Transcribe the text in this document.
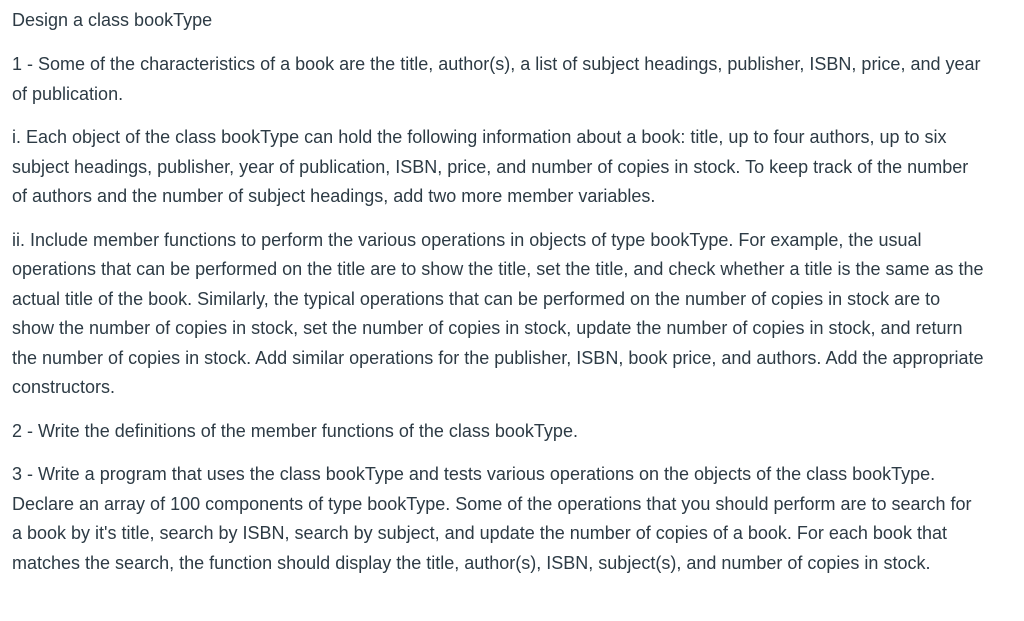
Design a class bookType

1 - Some of the characteristics of a book are the title, author(s), a list of subject headings, publisher, ISBN, price, and year of publication.

i. Each object of the class bookType can hold the following information about a book: title, up to four authors, up to six subject headings, publisher, year of publication, ISBN, price, and number of copies in stock. To keep track of the number of authors and the number of subject headings, add two more member variables.

ii. Include member functions to perform the various operations in objects of type bookType. For example, the usual operations that can be performed on the title are to show the title, set the title, and check whether a title is the same as the actual title of the book. Similarly, the typical operations that can be performed on the number of copies in stock are to show the number of copies in stock, set the number of copies in stock, update the number of copies in stock, and return the number of copies in stock. Add similar operations for the publisher, ISBN, book price, and authors. Add the appropriate constructors.

2 - Write the definitions of the member functions of the class bookType.

3 - Write a program that uses the class bookType and tests various operations on the objects of the class bookType. Declare an array of 100 components of type bookType. Some of the operations that you should perform are to search for a book by it's title, search by ISBN, search by subject, and update the number of copies of a book. For each book that matches the search, the function should display the title, author(s), ISBN, subject(s), and number of copies in stock.
